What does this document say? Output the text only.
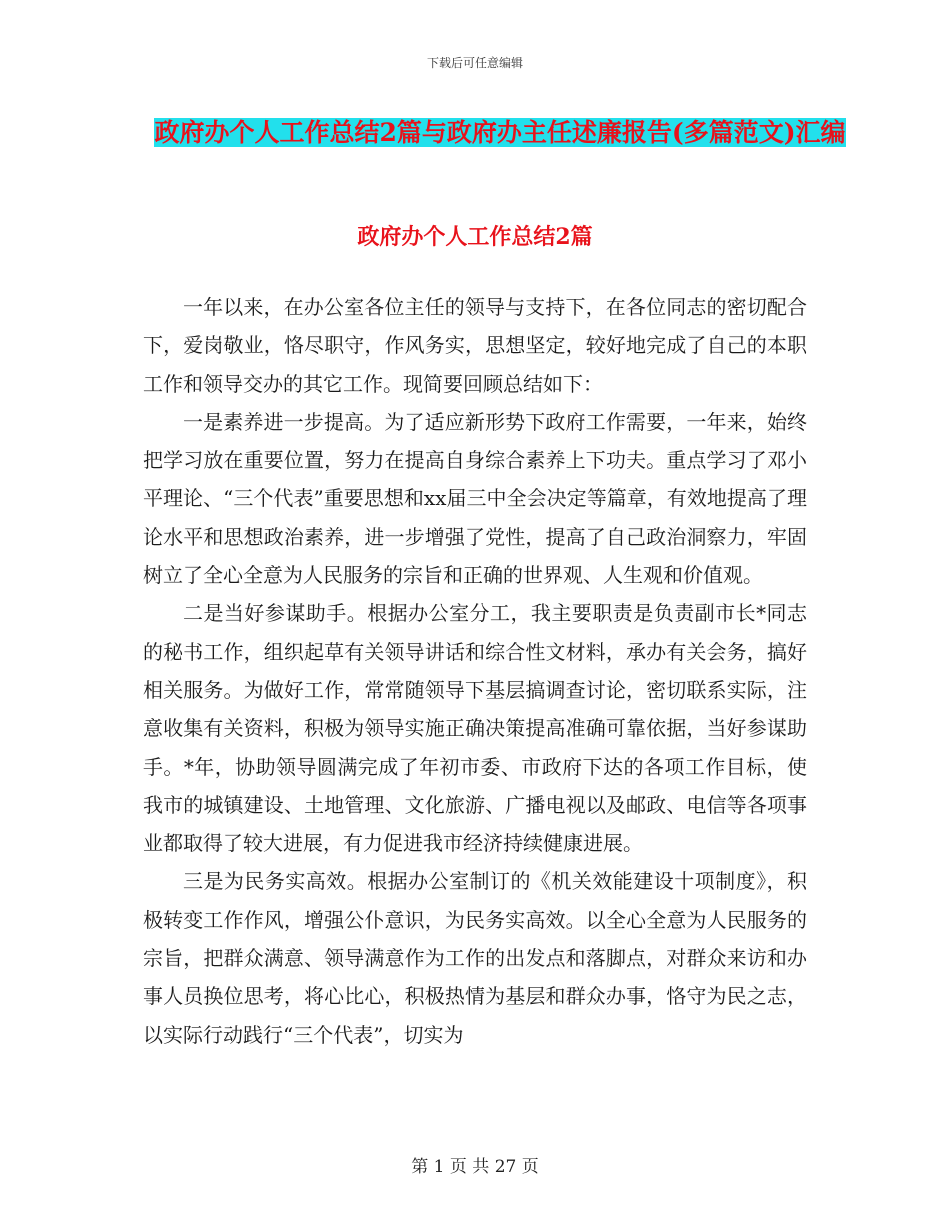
下载后可任意编辑
政府办个人工作总结2篇与政府办主任述廉报告(多篇范文)汇编
政府办个人工作总结2篇

一年以来，在办公室各位主任的领导与支持下，在各位同志的密切配合下，爱岗敬业，恪尽职守，作风务实，思想坚定，较好地完成了自己的本职工作和领导交办的其它工作。现简要回顾总结如下：

一是素养进一步提高。为了适应新形势下政府工作需要，一年来，始终把学习放在重要位置，努力在提高自身综合素养上下功夫。重点学习了邓小平理论、“三个代表”重要思想和xx届三中全会决定等篇章，有效地提高了理论水平和思想政治素养，进一步增强了党性，提高了自己政治洞察力，牢固树立了全心全意为人民服务的宗旨和正确的世界观、人生观和价值观。

二是当好参谋助手。根据办公室分工，我主要职责是负责副市长*同志的秘书工作，组织起草有关领导讲话和综合性文材料，承办有关会务，搞好相关服务。为做好工作，常常随领导下基层搞调查讨论，密切联系实际，注意收集有关资料，积极为领导实施正确决策提高准确可靠依据，当好参谋助手。*年，协助领导圆满完成了年初市委、市政府下达的各项工作目标，使我市的城镇建设、土地管理、文化旅游、广播电视以及邮政、电信等各项事业都取得了较大进展，有力促进我市经济持续健康进展。

三是为民务实高效。根据办公室制订的《机关效能建设十项制度》，积极转变工作作风，增强公仆意识，为民务实高效。以全心全意为人民服务的宗旨，把群众满意、领导满意作为工作的出发点和落脚点，对群众来访和办事人员换位思考，将心比心，积极热情为基层和群众办事，恪守为民之志，以实际行动践行“三个代表”，切实为

第 1 页 共 27 页
